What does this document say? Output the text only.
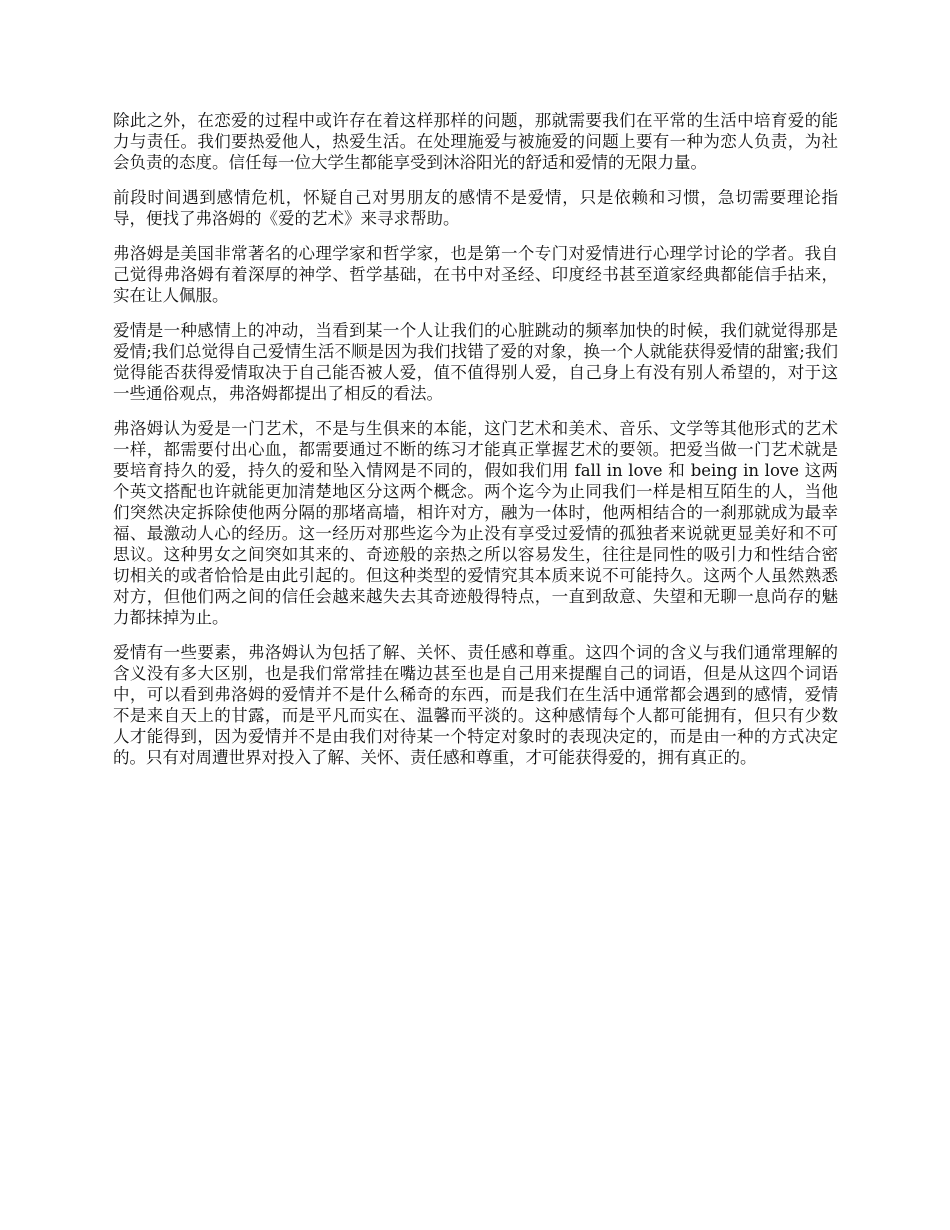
除此之外，在恋爱的过程中或许存在着这样那样的问题，那就需要我们在平常的生活中培育爱的能力与责任。我们要热爱他人，热爱生活。在处理施爱与被施爱的问题上要有一种为恋人负责，为社会负责的态度。信任每一位大学生都能享受到沐浴阳光的舒适和爱情的无限力量。

前段时间遇到感情危机，怀疑自己对男朋友的感情不是爱情，只是依赖和习惯，急切需要理论指导，便找了弗洛姆的《爱的艺术》来寻求帮助。

弗洛姆是美国非常著名的心理学家和哲学家，也是第一个专门对爱情进行心理学讨论的学者。我自己觉得弗洛姆有着深厚的神学、哲学基础，在书中对圣经、印度经书甚至道家经典都能信手拈来，实在让人佩服。

爱情是一种感情上的冲动，当看到某一个人让我们的心脏跳动的频率加快的时候，我们就觉得那是爱情;我们总觉得自己爱情生活不顺是因为我们找错了爱的对象，换一个人就能获得爱情的甜蜜;我们觉得能否获得爱情取决于自己能否被人爱，值不值得别人爱，自己身上有没有别人希望的，对于这一些通俗观点，弗洛姆都提出了相反的看法。

弗洛姆认为爱是一门艺术，不是与生俱来的本能，这门艺术和美术、音乐、文学等其他形式的艺术一样，都需要付出心血，都需要通过不断的练习才能真正掌握艺术的要领。把爱当做一门艺术就是要培育持久的爱，持久的爱和坠入情网是不同的，假如我们用 fall in love 和 being in love 这两个英文搭配也许就能更加清楚地区分这两个概念。两个迄今为止同我们一样是相互陌生的人，当他们突然决定拆除使他两分隔的那堵高墙，相许对方，融为一体时，他两相结合的一刹那就成为最幸福、最激动人心的经历。这一经历对那些迄今为止没有享受过爱情的孤独者来说就更显美好和不可思议。这种男女之间突如其来的、奇迹般的亲热之所以容易发生，往往是同性的吸引力和性结合密切相关的或者恰恰是由此引起的。但这种类型的爱情究其本质来说不可能持久。这两个人虽然熟悉对方，但他们两之间的信任会越来越失去其奇迹般得特点，一直到敌意、失望和无聊一息尚存的魅力都抹掉为止。

爱情有一些要素，弗洛姆认为包括了解、关怀、责任感和尊重。这四个词的含义与我们通常理解的含义没有多大区别，也是我们常常挂在嘴边甚至也是自己用来提醒自己的词语，但是从这四个词语中，可以看到弗洛姆的爱情并不是什么稀奇的东西，而是我们在生活中通常都会遇到的感情，爱情不是来自天上的甘露，而是平凡而实在、温馨而平淡的。这种感情每个人都可能拥有，但只有少数人才能得到，因为爱情并不是由我们对待某一个特定对象时的表现决定的，而是由一种的方式决定的。只有对周遭世界对投入了解、关怀、责任感和尊重，才可能获得爱的，拥有真正的。
